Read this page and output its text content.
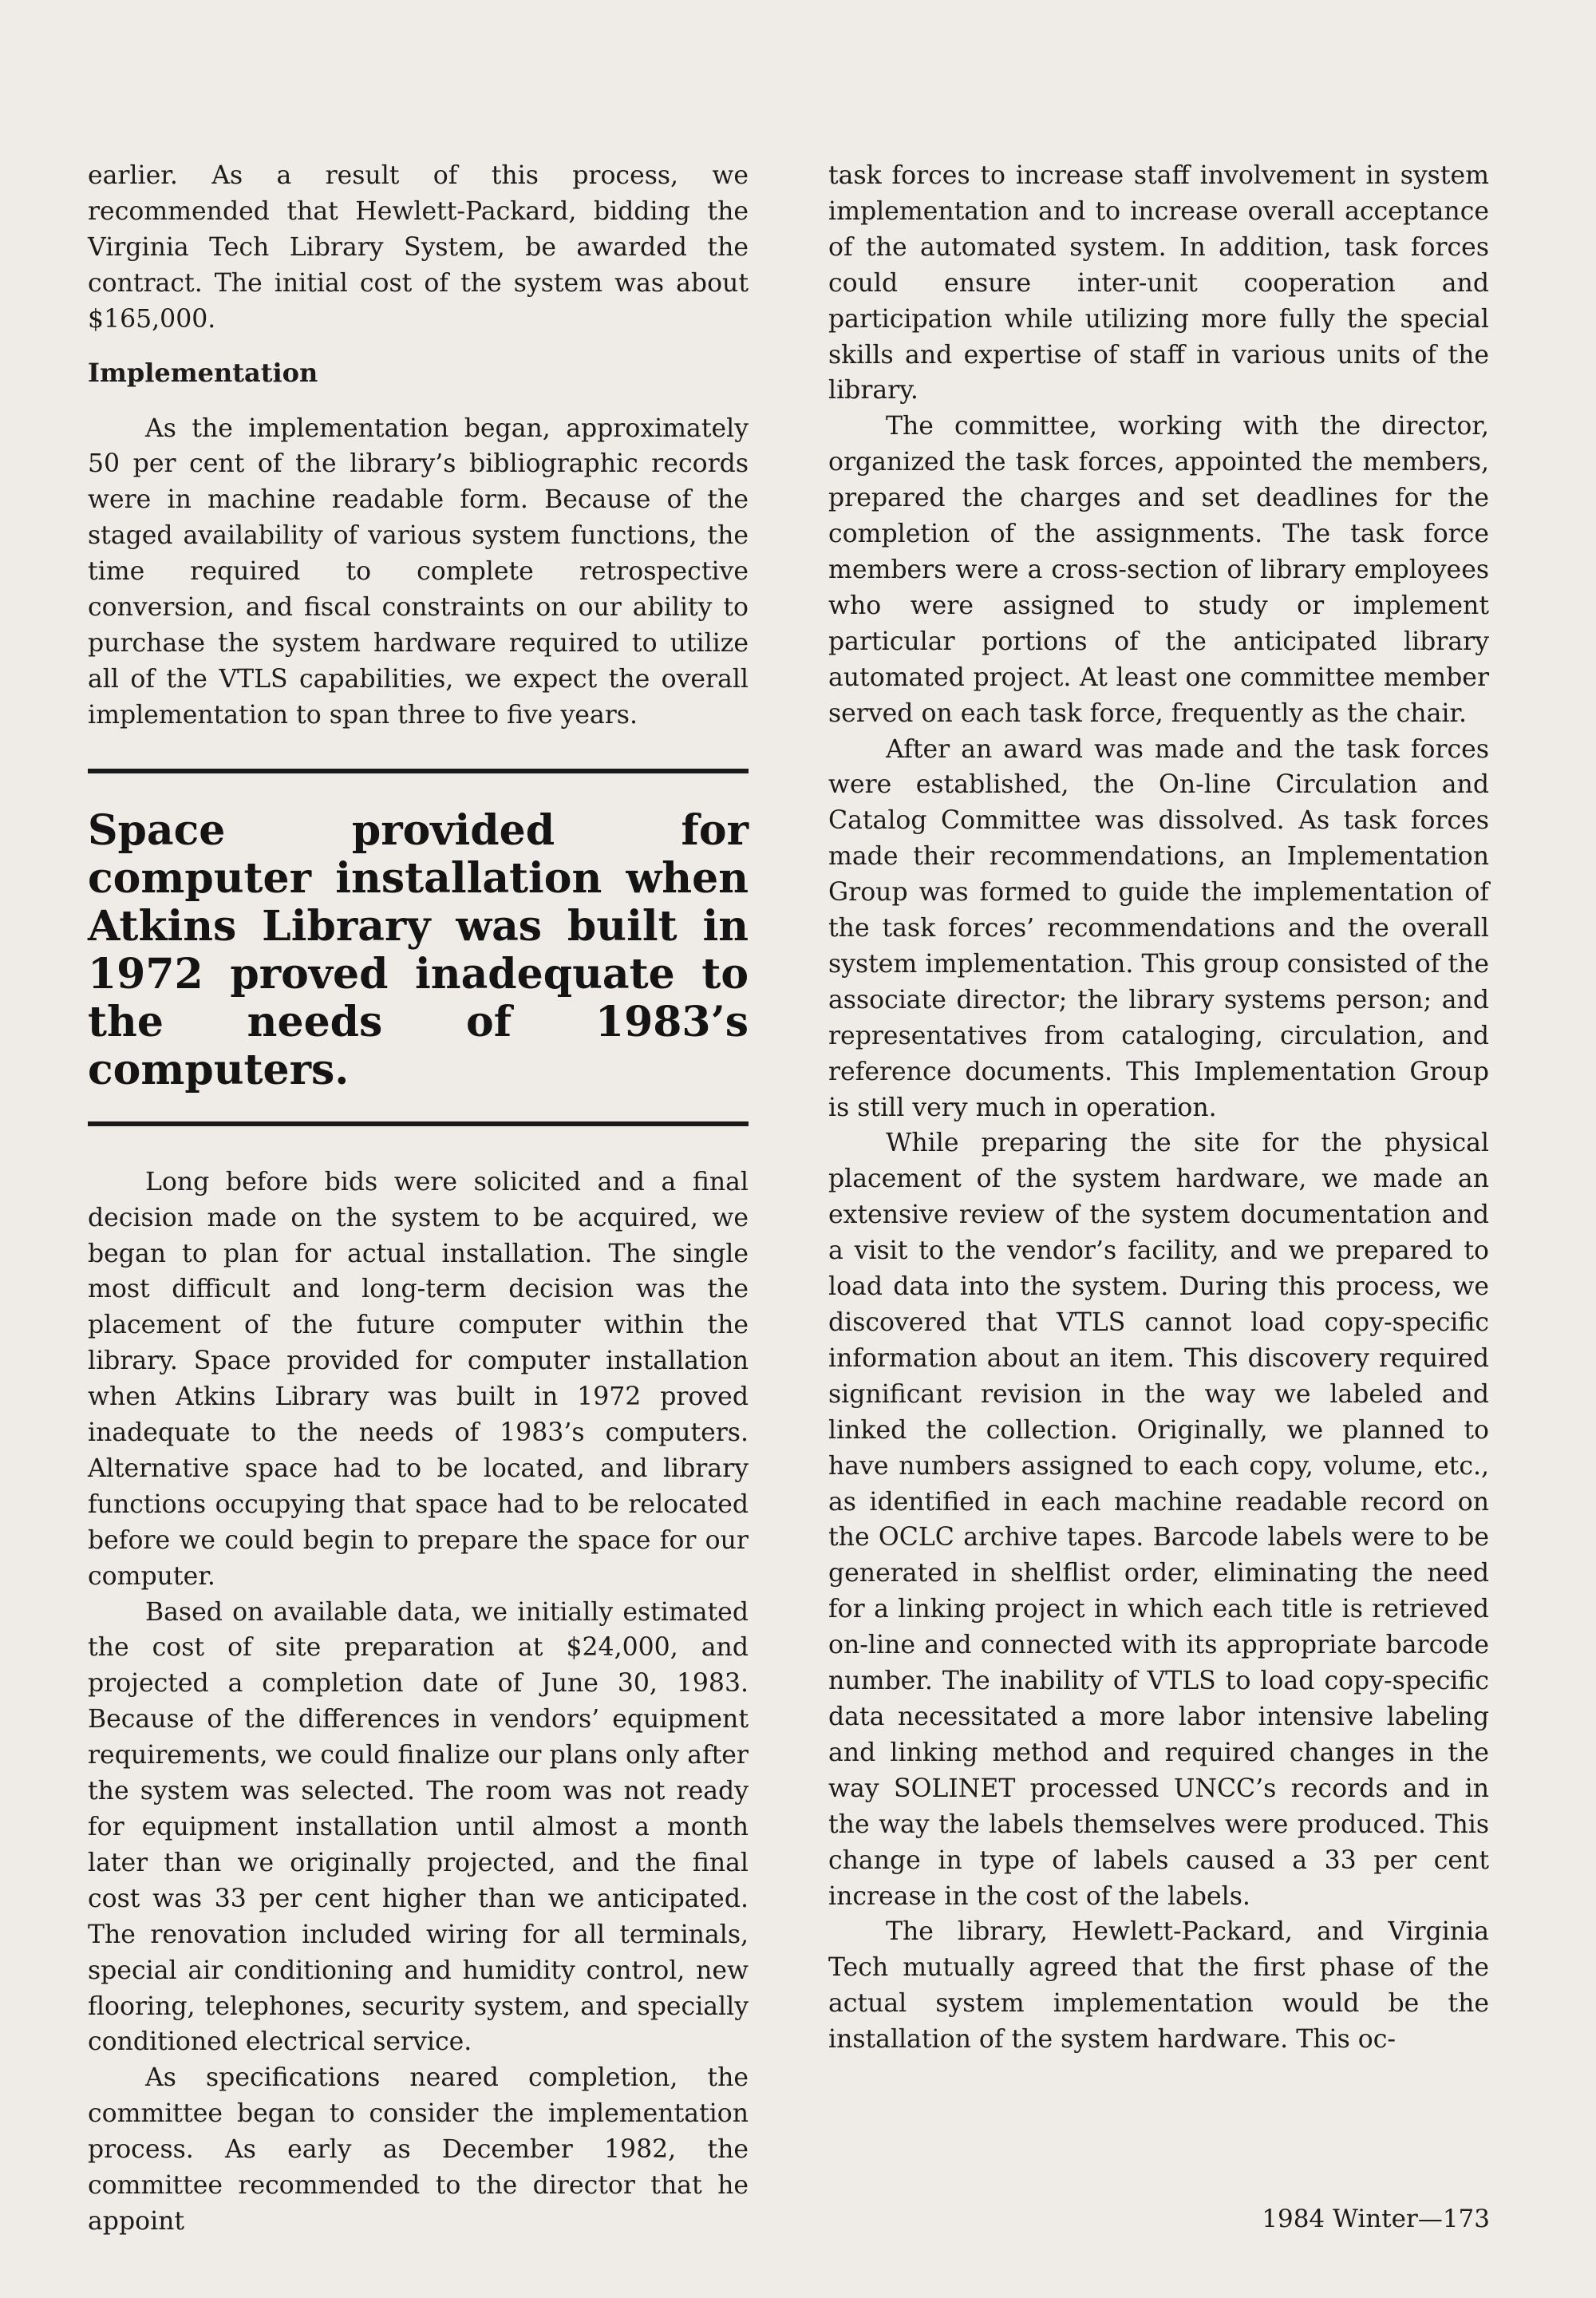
earlier. As a result of this process, we recommended that Hewlett-Packard, bidding the Virginia Tech Library System, be awarded the contract. The initial cost of the system was about $165,000.

Implementation

As the implementation began, approximately 50 per cent of the library’s bibliographic records were in machine readable form. Because of the staged availability of various system functions, the time required to complete retrospective conversion, and fiscal constraints on our ability to purchase the system hardware required to utilize all of the VTLS capabilities, we expect the overall implementation to span three to five years.

Space provided for computer installation when Atkins Library was built in 1972 proved inadequate to the needs of 1983’s computers.

Long before bids were solicited and a final decision made on the system to be acquired, we began to plan for actual installation. The single most difficult and long-term decision was the placement of the future computer within the library. Space provided for computer installation when Atkins Library was built in 1972 proved inadequate to the needs of 1983’s computers. Alternative space had to be located, and library functions occupying that space had to be relocated before we could begin to prepare the space for our computer.

Based on available data, we initially estimated the cost of site preparation at $24,000, and projected a completion date of June 30, 1983. Because of the differences in vendors’ equipment requirements, we could finalize our plans only after the system was selected. The room was not ready for equipment installation until almost a month later than we originally projected, and the final cost was 33 per cent higher than we anticipated. The renovation included wiring for all terminals, special air conditioning and humidity control, new flooring, telephones, security system, and specially conditioned electrical service.

As specifications neared completion, the committee began to consider the implementation process. As early as December 1982, the committee recommended to the director that he appoint

task forces to increase staff involvement in system implementation and to increase overall acceptance of the automated system. In addition, task forces could ensure inter-unit cooperation and participation while utilizing more fully the special skills and expertise of staff in various units of the library.

The committee, working with the director, organized the task forces, appointed the members, prepared the charges and set deadlines for the completion of the assignments. The task force members were a cross-section of library employees who were assigned to study or implement particular portions of the anticipated library automated project. At least one committee member served on each task force, frequently as the chair.

After an award was made and the task forces were established, the On-line Circulation and Catalog Committee was dissolved. As task forces made their recommendations, an Implementation Group was formed to guide the implementation of the task forces’ recommendations and the overall system implementation. This group consisted of the associate director; the library systems person; and representatives from cataloging, circulation, and reference documents. This Implementation Group is still very much in operation.

While preparing the site for the physical placement of the system hardware, we made an extensive review of the system documentation and a visit to the vendor’s facility, and we prepared to load data into the system. During this process, we discovered that VTLS cannot load copy-specific information about an item. This discovery required significant revision in the way we labeled and linked the collection. Originally, we planned to have numbers assigned to each copy, volume, etc., as identified in each machine readable record on the OCLC archive tapes. Barcode labels were to be generated in shelflist order, eliminating the need for a linking project in which each title is retrieved on-line and connected with its appropriate barcode number. The inability of VTLS to load copy-specific data necessitated a more labor intensive labeling and linking method and required changes in the way SOLINET processed UNCC’s records and in the way the labels themselves were produced. This change in type of labels caused a 33 per cent increase in the cost of the labels.

The library, Hewlett-Packard, and Virginia Tech mutually agreed that the first phase of the actual system implementation would be the installation of the system hardware. This oc-

1984 Winter—173
